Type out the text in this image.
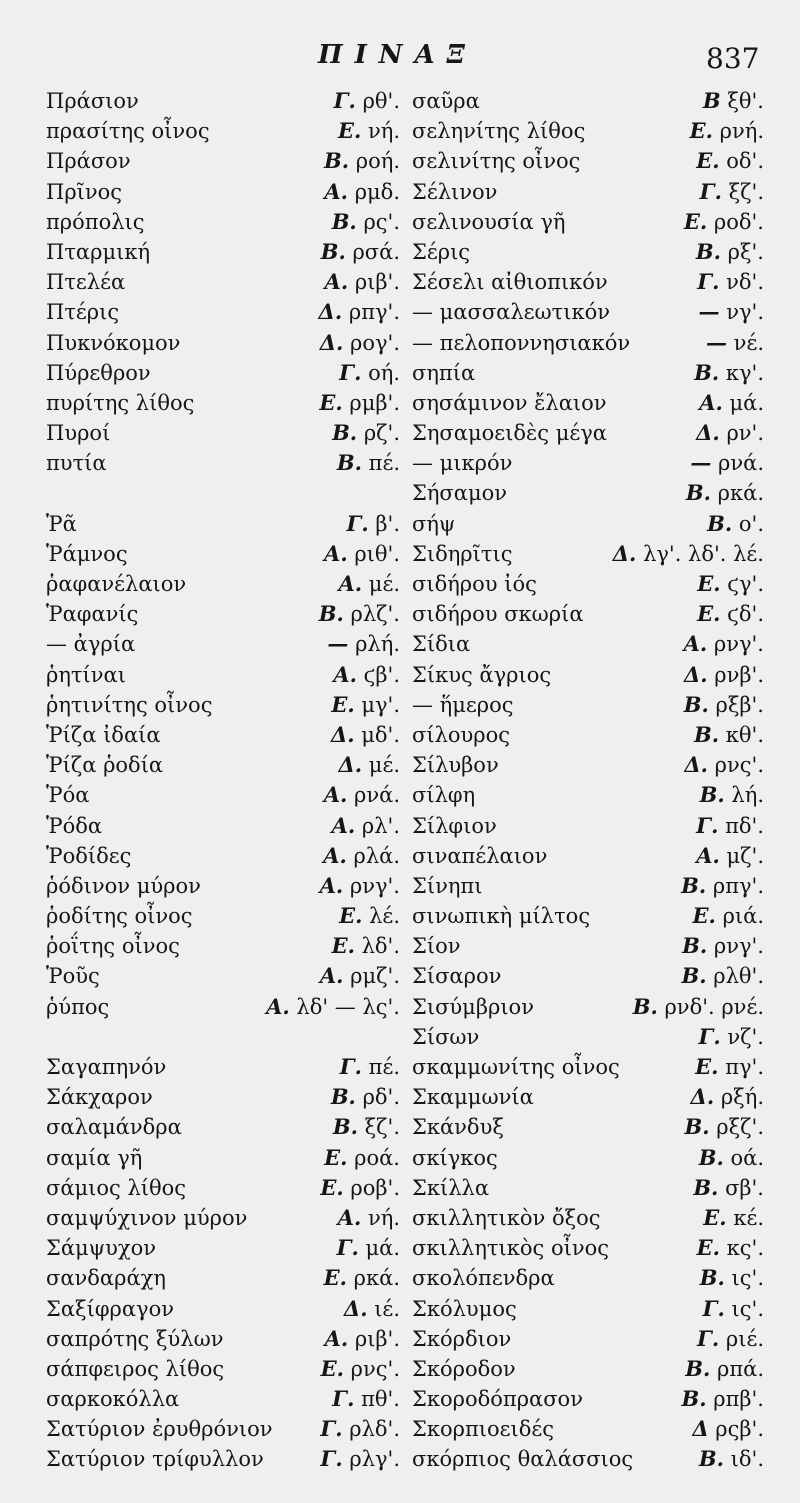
ΠΙΝΑΞ	837
Πράσιον	Γ. ρθ'.
πρασίτης οἶνος	Ε. νή.
Πράσον	Β. ροή.
Πρῖνος	Α. ρμδ.
πρόπολις	Β. ρς'.
Πταρμική	Β. ρσά.
Πτελέα	Α. ριβ'.
Πτέρις	Δ. ρπγ'.
Πυκνόκομον	Δ. ρογ'.
Πύρεθρον	Γ. οή.
πυρίτης λίθος	Ε. ρμβ'.
Πυροί	Β. ρζ'.
πυτία	Β. πέ.
Ῥᾶ	Γ. β'.
Ῥάμνος	Α. ριθ'.
ῥαφανέλαιον	Α. μέ.
Ῥαφανίς	Β. ρλζ'.
— ἀγρία	— ρλή.
ῥητίναι	Α. ϛβ'.
ῥητινίτης οἶνος	Ε. μγ'.
Ῥίζα ἰδαία	Δ. μδ'.
Ῥίζα ῥοδία	Δ. μέ.
Ῥόα	Α. ρνά.
Ῥόδα	Α. ρλ'.
Ῥοδίδες	Α. ρλά.
ῥόδινον μύρον	Α. ρνγ'.
ῥοδίτης οἶνος	Ε. λέ.
ῥοΐτης οἶνος	Ε. λδ'.
Ῥοῦς	Α. ρμζ'.
ῥύπος	Α. λδ' — λς'.
Σαγαπηνόν	Γ. πέ.
Σάκχαρον	Β. ρδ'.
σαλαμάνδρα	Β. ξζ'.
σαμία γῆ	Ε. ροά.
σάμιος λίθος	Ε. ροβ'.
σαμψύχινον μύρον	Α. νή.
Σάμψυχον	Γ. μά.
σανδαράχη	Ε. ρκά.
Σαξίφραγον	Δ. ιέ.
σαπρότης ξύλων	Α. ριβ'.
σάπφειρος λίθος	Ε. ρνς'.
σαρκοκόλλα	Γ. πθ'.
Σατύριον ἐρυθρόνιον Γ. ρλδ'.
Σατύριον τρίφυλλον	Γ. ρλγ'.
σαῦρα	Β ξθ'.
σεληνίτης λίθος	Ε. ρνή.
σελινίτης οἶνος	Ε. οδ'.
Σέλινον	Γ. ξζ'.
σελινουσία γῆ	Ε. ροδ'.
Σέρις	Β. ρξ'.
Σέσελι αἰθιοπικόν	Γ. νδ'.
— μασσαλεωτικόν	— νγ'.
— πελοποννησιακόν	— νέ.
σηπία	Β. κγ'.
σησάμινον ἔλαιον	Α. μά.
Σησαμοειδὲς μέγα	Δ. ρν'.
— μικρόν	— ρνά.
Σήσαμον	Β. ρκά.
σήψ	Β. ο'.
Σιδηρῖτις	Δ. λγ'. λδ'. λέ.
σιδήρου ἰός	Ε. ϛγ'.
σιδήρου σκωρία	Ε. ϛδ'.
Σίδια	Α. ρνγ'.
Σίκυς ἄγριος	Δ. ρνβ'.
— ἥμερος	Β. ρξβ'.
σίλουρος	Β. κθ'.
Σίλυβον	Δ. ρνς'.
σίλφη	Β. λή.
Σίλφιον	Γ. πδ'.
σιναπέλαιον	Α. μζ'.
Σίνηπι	Β. ρπγ'.
σινωπικὴ μίλτος	Ε. ριά.
Σίον	Β. ρνγ'.
Σίσαρον	Β. ρλθ'.
Σισύμβριον	Β. ρνδ'. ρνέ.
Σίσων	Γ. νζ'.
σκαμμωνίτης οἶνος	Ε. πγ'.
Σκαμμωνία	Δ. ρξή.
Σκάνδυξ	Β. ρξζ'.
σκίγκος	Β. οά.
Σκίλλα	Β. σβ'.
σκιλλητικὸν ὄξος	Ε. κέ.
σκιλλητικὸς οἶνος	Ε. κς'.
σκολόπενδρα	Β. ις'.
Σκόλυμος	Γ. ις'.
Σκόρδιον	Γ. ριέ.
Σκόροδον	Β. ρπά.
Σκοροδόπρασον	Β. ρπβ'.
Σκορπιοειδές	Δ ρςβ'.
σκόρπιος θαλάσσιος	Β. ιδ'.
